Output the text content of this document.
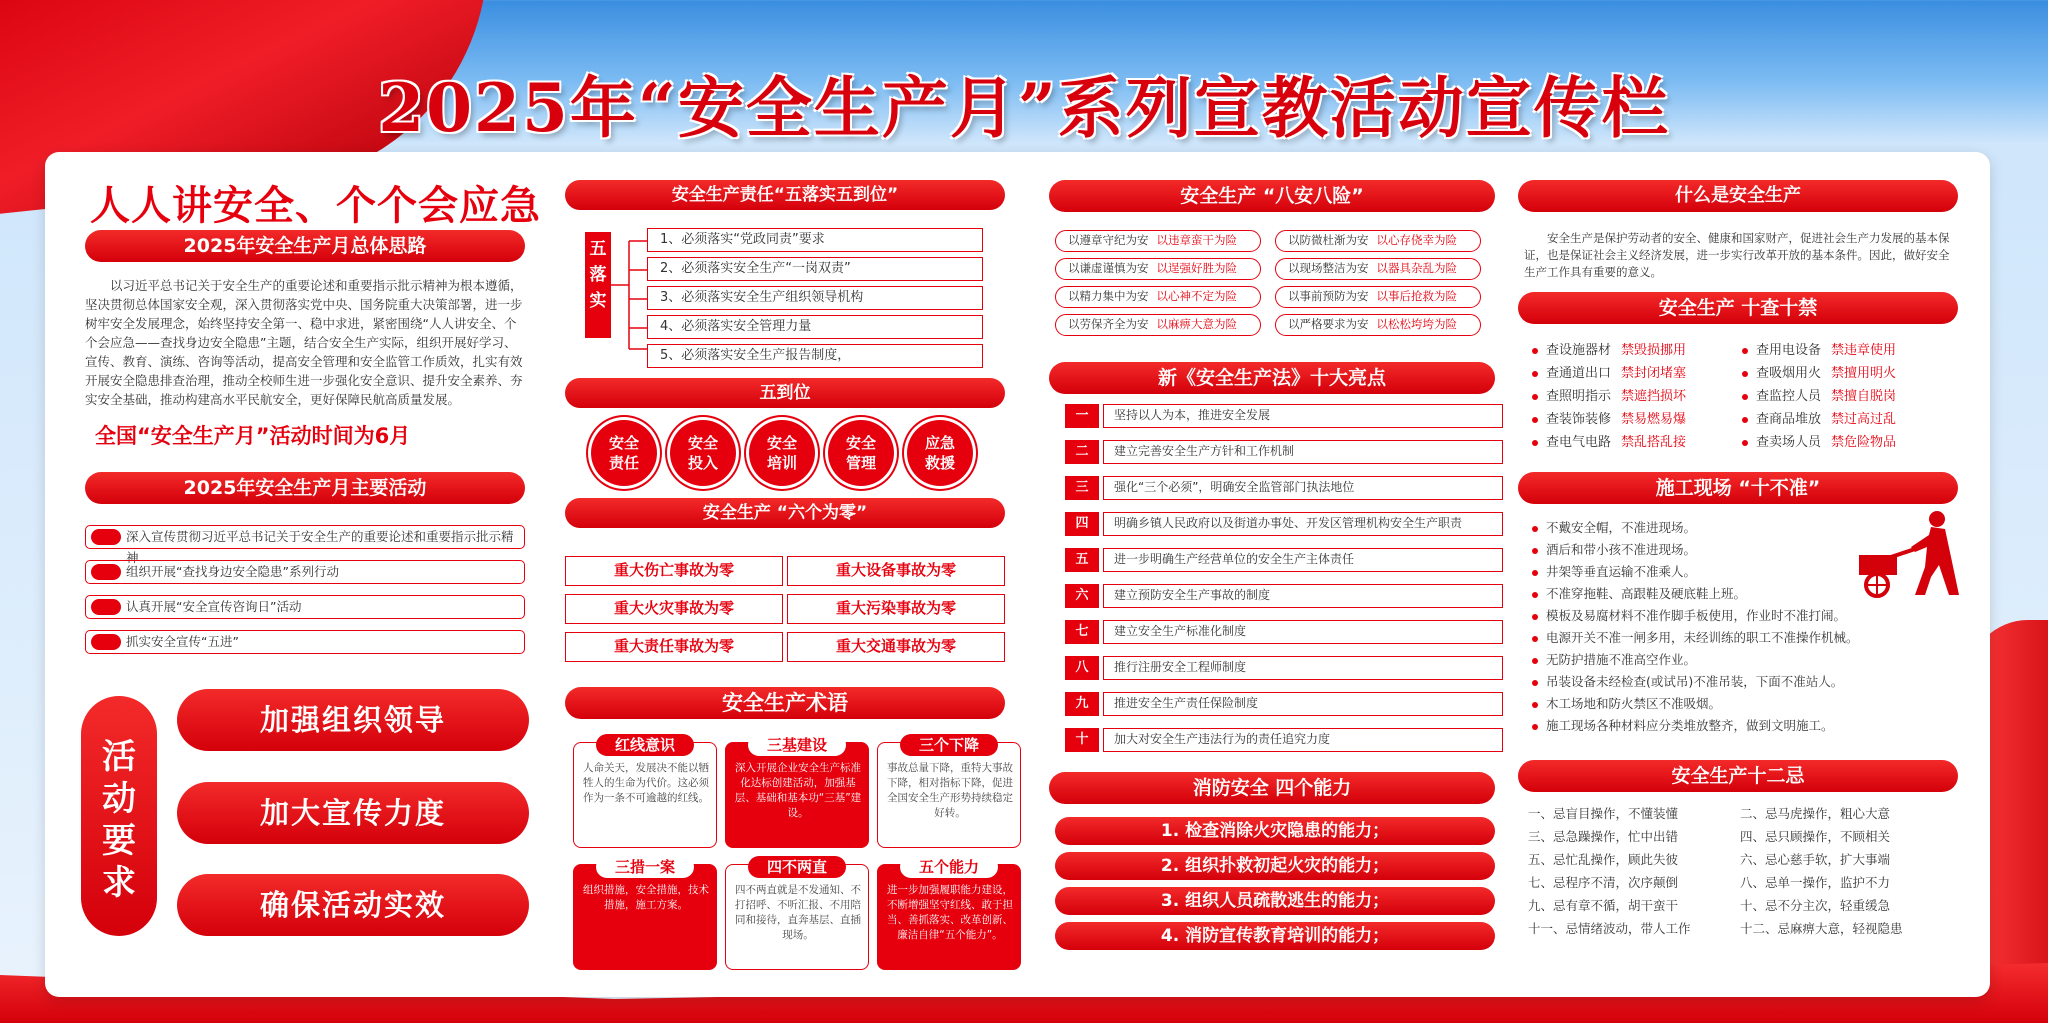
2025年“安全生产月”系列宣教活动宣传栏
人人讲安全、个个会应急
2025年安全生产月总体思路

以习近平总书记关于安全生产的重要论述和重要指示批示精神为根本遵循，坚决贯彻总体国家安全观，深入贯彻落实党中央、国务院重大决策部署，进一步树牢安全发展理念，始终坚持安全第一、稳中求进，紧密围绕“人人讲安全、个个会应急——查找身边安全隐患”主题，结合安全生产实际，组织开展好学习、宣传、教育、演练、咨询等活动，提高安全管理和安全监管工作质效，扎实有效开展安全隐患排查治理，推动全校师生进一步强化安全意识、提升安全素养、夯实安全基础，推动构建高水平民航安全，更好保障民航高质量发展。

全国“安全生产月”活动时间为6月
2025年安全生产月主要活动
深入宣传贯彻习近平总书记关于安全生产的重要论述和重要指示批示精神
组织开展“查找身边安全隐患”系列行动
认真开展“安全宣传咨询日”活动
抓实安全宣传“五进”
活
动
要
求
加强组织领导
加大宣传力度
确保活动实效
安全生产责任“五落实五到位”
五
落
实
1、必须落实“党政同责”要求
2、必须落实安全生产“一岗双责”
3、必须落实安全生产组织领导机构
4、必须落实安全管理力量
5、必须落实安全生产报告制度，
五到位
安全
责任
安全
投入
安全
培训
安全
管理
应急
救援
安全生产 “六个为零”
重大伤亡事故为零	重大设备事故为零
重大火灾事故为零	重大污染事故为零
重大责任事故为零	重大交通事故为零
安全生产术语
红线意识
人命关天，发展决不能以牺牲人的生命为代价。这必须作为一条不可逾越的红线。
三基建设
深入开展企业安全生产标准化达标创建活动，加强基层、基础和基本功“三基”建设。
三个下降
事故总量下降，重特大事故下降，相对指标下降，促进全国安全生产形势持续稳定好转。
三措一案
组织措施，安全措施，技术措施，施工方案。
四不两直
四不两直就是不发通知、不打招呼、不听汇报、不用陪同和接待，直奔基层、直插现场。
五个能力
进一步加强履职能力建设，不断增强坚守红线、敢于担当、善抓落实、改革创新、廉洁自律“五个能力”。
安全生产 “八安八险”
以遵章守纪为安 以违章蛮干为险	以防微杜渐为安 以心存侥幸为险
以谦虚谨慎为安 以逞强好胜为险	以现场整洁为安 以器具杂乱为险
以精力集中为安 以心神不定为险	以事前预防为安 以事后抢救为险
以劳保齐全为安 以麻痹大意为险	以严格要求为安 以松松垮垮为险
新《安全生产法》十大亮点
一	坚持以人为本，推进安全发展
二	建立完善安全生产方针和工作机制
三	强化“三个必须”，明确安全监管部门执法地位
四	明确乡镇人民政府以及街道办事处、开发区管理机构安全生产职责
五	进一步明确生产经营单位的安全生产主体责任
六	建立预防安全生产事故的制度
七	建立安全生产标准化制度
八	推行注册安全工程师制度
九	推进安全生产责任保险制度
十	加大对安全生产违法行为的责任追究力度
消防安全 四个能力
1. 检查消除火灾隐患的能力；
2. 组织扑救初起火灾的能力；
3. 组织人员疏散逃生的能力；
4. 消防宣传教育培训的能力；
什么是安全生产

安全生产是保护劳动者的安全、健康和国家财产，促进社会生产力发展的基本保证，也是保证社会主义经济发展，进一步实行改革开放的基本条件。因此，做好安全生产工作具有重要的意义。

安全生产 十查十禁
查设施器材 禁毁损挪用	查用电设备 禁违章使用
查通道出口 禁封闭堵塞	查吸烟用火 禁擅用明火
查照明指示 禁遮挡损坏	查监控人员 禁擅自脱岗
查装饰装修 禁易燃易爆	查商品堆放 禁过高过乱
查电气电路 禁乱搭乱接	查卖场人员 禁危险物品
施工现场 “十不准”
不戴安全帽，不准进现场。
酒后和带小孩不准进现场。
井架等垂直运输不准乘人。
不准穿拖鞋、高跟鞋及硬底鞋上班。
模板及易腐材料不准作脚手板使用，作业时不准打闹。
电源开关不准一闸多用，未经训练的职工不准操作机械。
无防护措施不准高空作业。
吊装设备未经检查(或试吊)不准吊装，下面不准站人。
木工场地和防火禁区不准吸烟。
施工现场各种材料应分类堆放整齐，做到文明施工。
安全生产十二忌
一、忌盲目操作，不懂装懂	二、忌马虎操作，粗心大意
三、忌急躁操作，忙中出错	四、忌只顾操作，不顾相关
五、忌忙乱操作，顾此失彼	六、忌心慈手软，扩大事端
七、忌程序不清，次序颠倒	八、忌单一操作，监护不力
九、忌有章不循，胡干蛮干	十、忌不分主次，轻重缓急
十一、忌情绪波动，带人工作	十二、忌麻痹大意，轻视隐患
